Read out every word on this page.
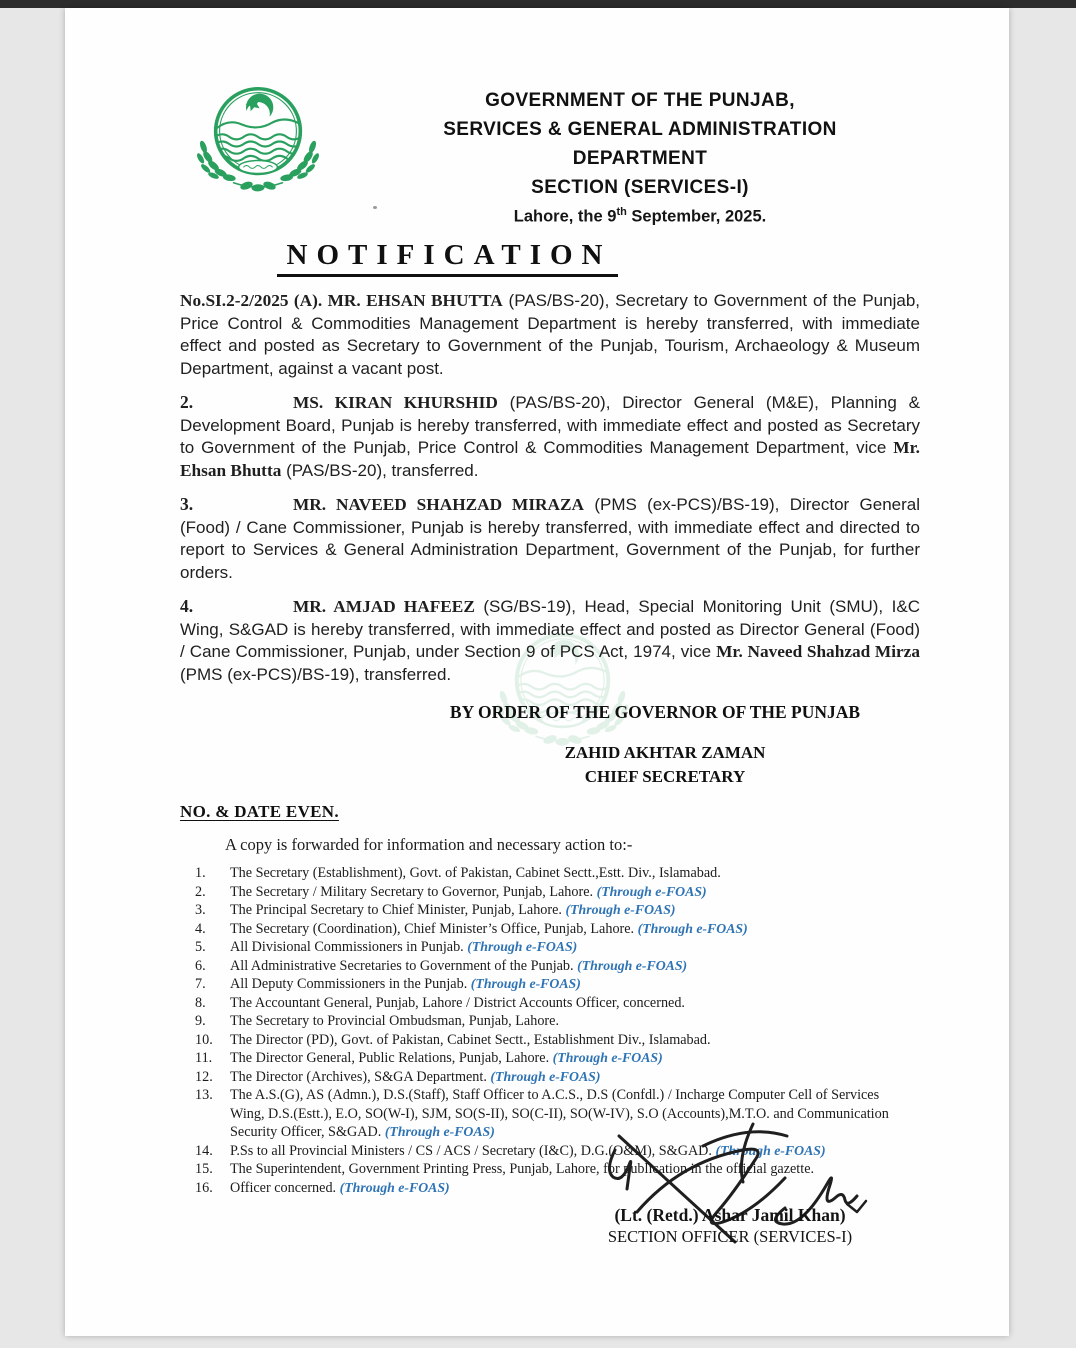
GOVERNMENT OF THE PUNJAB,
SERVICES & GENERAL ADMINISTRATION
DEPARTMENT
SECTION (SERVICES-I)
Lahore, the 9th September, 2025.
NOTIFICATION

No.SI.2-2/2025 (A). MR. EHSAN BHUTTA (PAS/BS-20), Secretary to Government of the Punjab, Price Control & Commodities Management Department is hereby transferred, with immediate effect and posted as Secretary to Government of the Punjab, Tourism, Archaeology & Museum Department, against a vacant post.

2.	MS. KIRAN KHURSHID (PAS/BS-20), Director General (M&E), Planning & Development Board, Punjab is hereby transferred, with immediate effect and posted as Secretary to Government of the Punjab, Price Control & Commodities Management Department, vice Mr. Ehsan Bhutta (PAS/BS-20), transferred.

3.	MR. NAVEED SHAHZAD MIRAZA (PMS (ex-PCS)/BS-19), Director General (Food) / Cane Commissioner, Punjab is hereby transferred, with immediate effect and directed to report to Services & General Administration Department, Government of the Punjab, for further orders.

4.	MR. AMJAD HAFEEZ (SG/BS-19), Head, Special Monitoring Unit (SMU), I&C Wing, S&GAD is hereby transferred, with immediate effect and posted as Director General (Food) / Cane Commissioner, Punjab, under Section 9 of PCS Act, 1974, vice Mr. Naveed Shahzad Mirza (PMS (ex-PCS)/BS-19), transferred.

BY ORDER OF THE GOVERNOR OF THE PUNJAB
ZAHID AKHTAR ZAMAN
CHIEF SECRETARY
NO. & DATE EVEN.
A copy is forwarded for information and necessary action to:-
1.	The Secretary (Establishment), Govt. of Pakistan, Cabinet Sectt.,Estt. Div., Islamabad.
2.	The Secretary / Military Secretary to Governor, Punjab, Lahore. (Through e-FOAS)
3.	The Principal Secretary to Chief Minister, Punjab, Lahore. (Through e-FOAS)
4.	The Secretary (Coordination), Chief Minister’s Office, Punjab, Lahore. (Through e-FOAS)
5.	All Divisional Commissioners in Punjab. (Through e-FOAS)
6.	All Administrative Secretaries to Government of the Punjab. (Through e-FOAS)
7.	All Deputy Commissioners in the Punjab. (Through e-FOAS)
8.	The Accountant General, Punjab, Lahore / District Accounts Officer, concerned.
9.	The Secretary to Provincial Ombudsman, Punjab, Lahore.
10.	The Director (PD), Govt. of Pakistan, Cabinet Sectt., Establishment Div., Islamabad.
11.	The Director General, Public Relations, Punjab, Lahore. (Through e-FOAS)
12.	The Director (Archives), S&GA Department. (Through e-FOAS)
13.	The A.S.(G), AS (Admn.), D.S.(Staff), Staff Officer to A.C.S., D.S (Confdl.) / Incharge Computer Cell of Services Wing, D.S.(Estt.), E.O, SO(W-I), SJM, SO(S-II), SO(C-II), SO(W-IV), S.O (Accounts),M.T.O. and Communication Security Officer, S&GAD. (Through e-FOAS)
14.	P.Ss to all Provincial Ministers / CS / ACS / Secretary (I&C), D.G.(O&M), S&GAD. (Through e-FOAS)
15.	The Superintendent, Government Printing Press, Punjab, Lahore, for publication in the official gazette.
16.	Officer concerned. (Through e-FOAS)
(Lt. (Retd.) Ashar Jamil Khan)
SECTION OFFICER (SERVICES-I)
